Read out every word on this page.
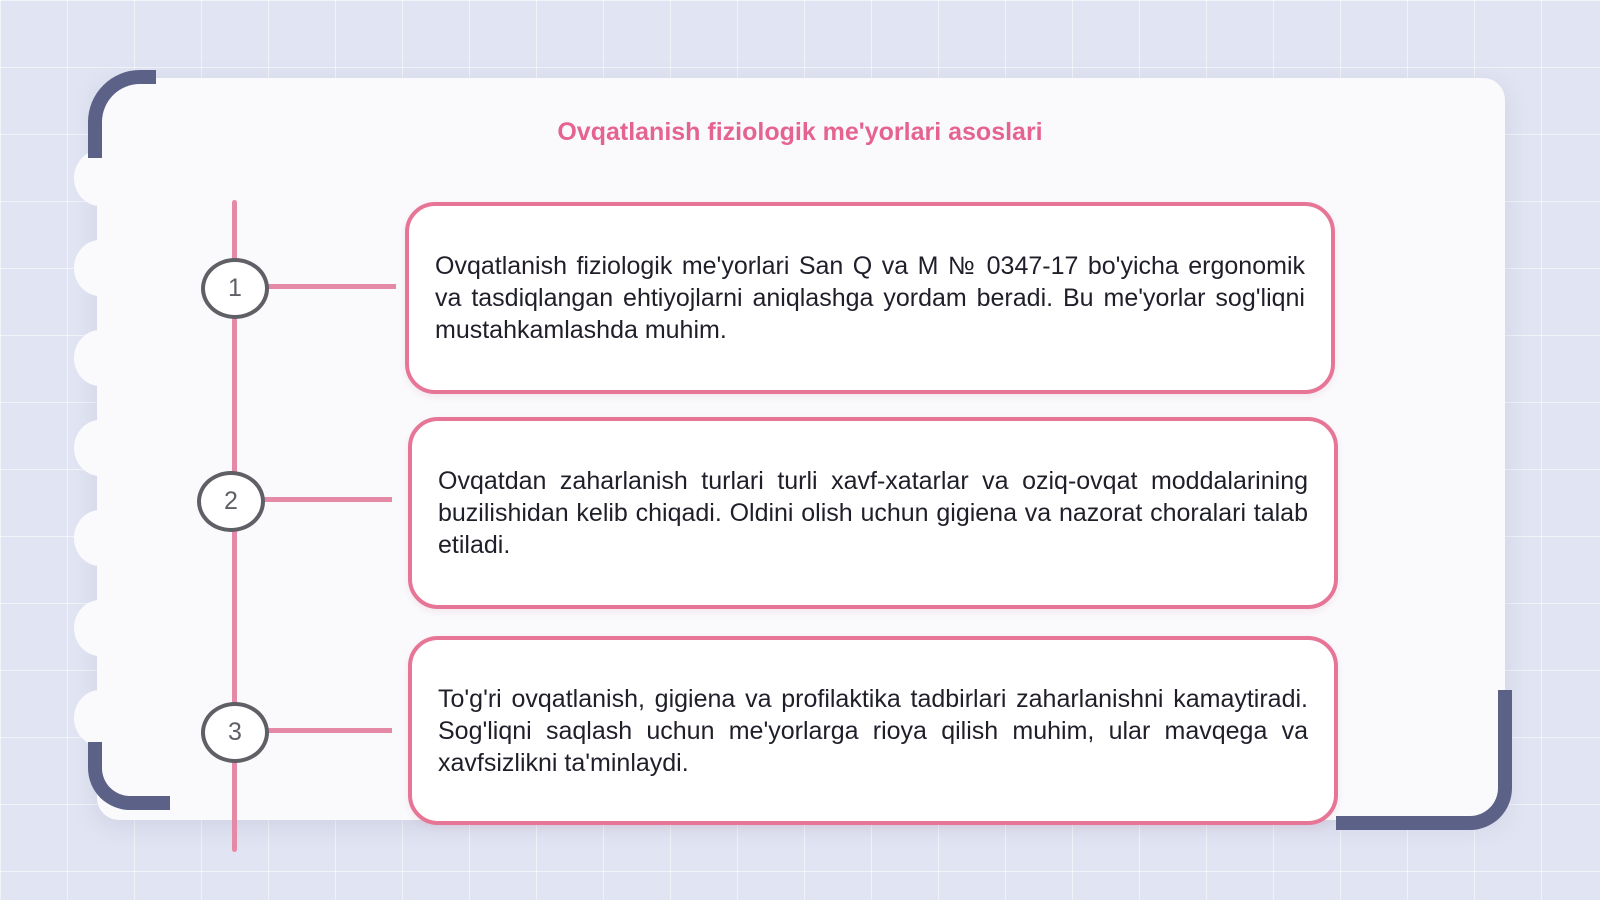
Ovqatlanish fiziologik me'yorlari asoslari
1

Ovqatlanish fiziologik me'yorlari San Q va M № 0347-17 bo'yicha ergonomik va tasdiqlangan ehtiyojlarni aniqlashga yordam beradi. Bu me'yorlar sog'liqni mustahkamlashda muhim.

2

Ovqatdan zaharlanish turlari turli xavf-xatarlar va oziq-ovqat moddalarining buzilishidan kelib chiqadi. Oldini olish uchun gigiena va nazorat choralari talab etiladi.

3

To'g'ri ovqatlanish, gigiena va profilaktika tadbirlari zaharlanishni kamaytiradi. Sog'liqni saqlash uchun me'yorlarga rioya qilish muhim, ular mavqega va xavfsizlikni ta'minlaydi.
